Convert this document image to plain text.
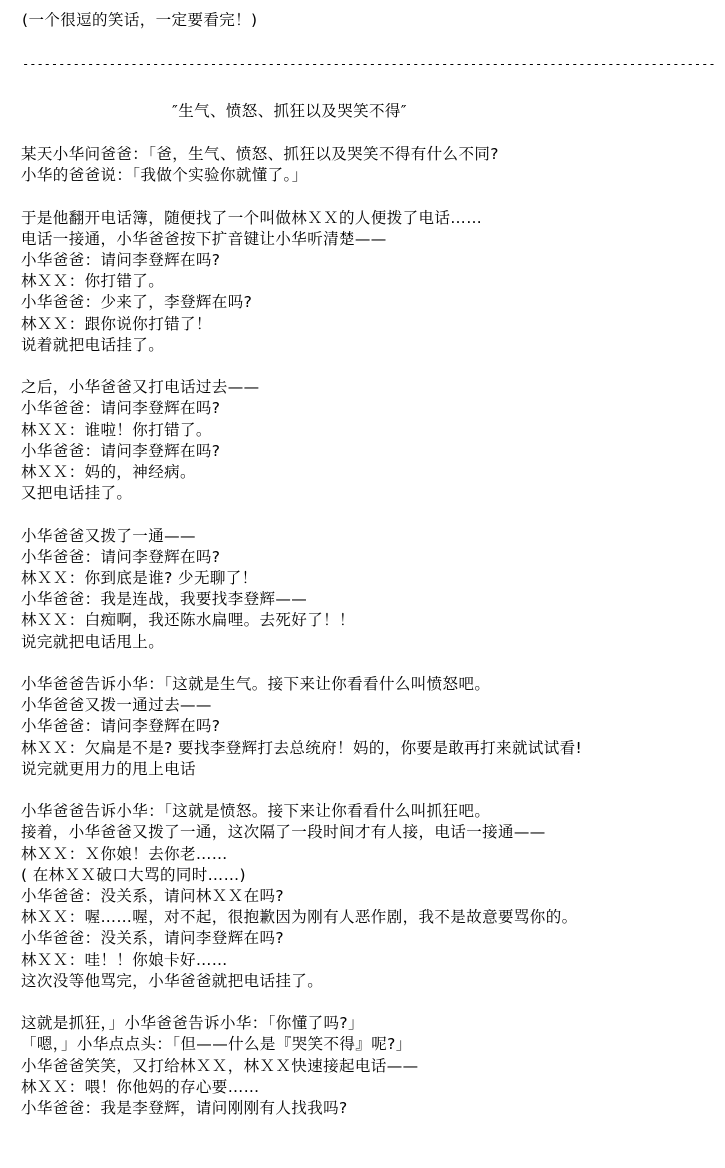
(一个很逗的笑话，一定要看完！)
------------------------------------------------------------------------------------------------
″生气、愤怒、抓狂以及哭笑不得″
某天小华问爸爸：「爸，生气、愤怒、抓狂以及哭笑不得有什么不同?
小华的爸爸说：「我做个实验你就懂了。」
于是他翻开电话簿，随便找了一个叫做林ＸＸ的人便拨了电话……
电话一接通，小华爸爸按下扩音键让小华听清楚——
小华爸爸：请问李登辉在吗?
林ＸＸ：你打错了。
小华爸爸：少来了，李登辉在吗?
林ＸＸ：跟你说你打错了！
说着就把电话挂了。
之后，小华爸爸又打电话过去——
小华爸爸：请问李登辉在吗?
林ＸＸ：谁啦！你打错了。
小华爸爸：请问李登辉在吗?
林ＸＸ：妈的，神经病。
又把电话挂了。
小华爸爸又拨了一通——
小华爸爸：请问李登辉在吗?
林ＸＸ：你到底是谁? 少无聊了！
小华爸爸：我是连战，我要找李登辉——
林ＸＸ：白痴啊，我还陈水扁哩。去死好了！！
说完就把电话甩上。
小华爸爸告诉小华：「这就是生气。接下来让你看看什么叫愤怒吧。
小华爸爸又拨一通过去——
小华爸爸：请问李登辉在吗?
林ＸＸ：欠扁是不是? 要找李登辉打去总统府！妈的，你要是敢再打来就试试看!
说完就更用力的甩上电话
小华爸爸告诉小华：「这就是愤怒。接下来让你看看什么叫抓狂吧。
接着，小华爸爸又拨了一通，这次隔了一段时间才有人接，电话一接通——
林ＸＸ：Ｘ你娘！去你老……
( 在林ＸＸ破口大骂的同时……)
小华爸爸：没关系，请问林ＸＸ在吗?
林ＸＸ：喔……喔，对不起，很抱歉因为刚有人恶作剧，我不是故意要骂你的。
小华爸爸：没关系，请问李登辉在吗?
林ＸＸ：哇！！你娘卡好……
这次没等他骂完，小华爸爸就把电话挂了。
这就是抓狂，」小华爸爸告诉小华：「你懂了吗?」
「嗯，」小华点点头：「但——什么是『哭笑不得』呢?」
小华爸爸笑笑，又打给林ＸＸ，林ＸＸ快速接起电话——
林ＸＸ：喂！你他妈的存心要……
小华爸爸：我是李登辉，请问刚刚有人找我吗?
